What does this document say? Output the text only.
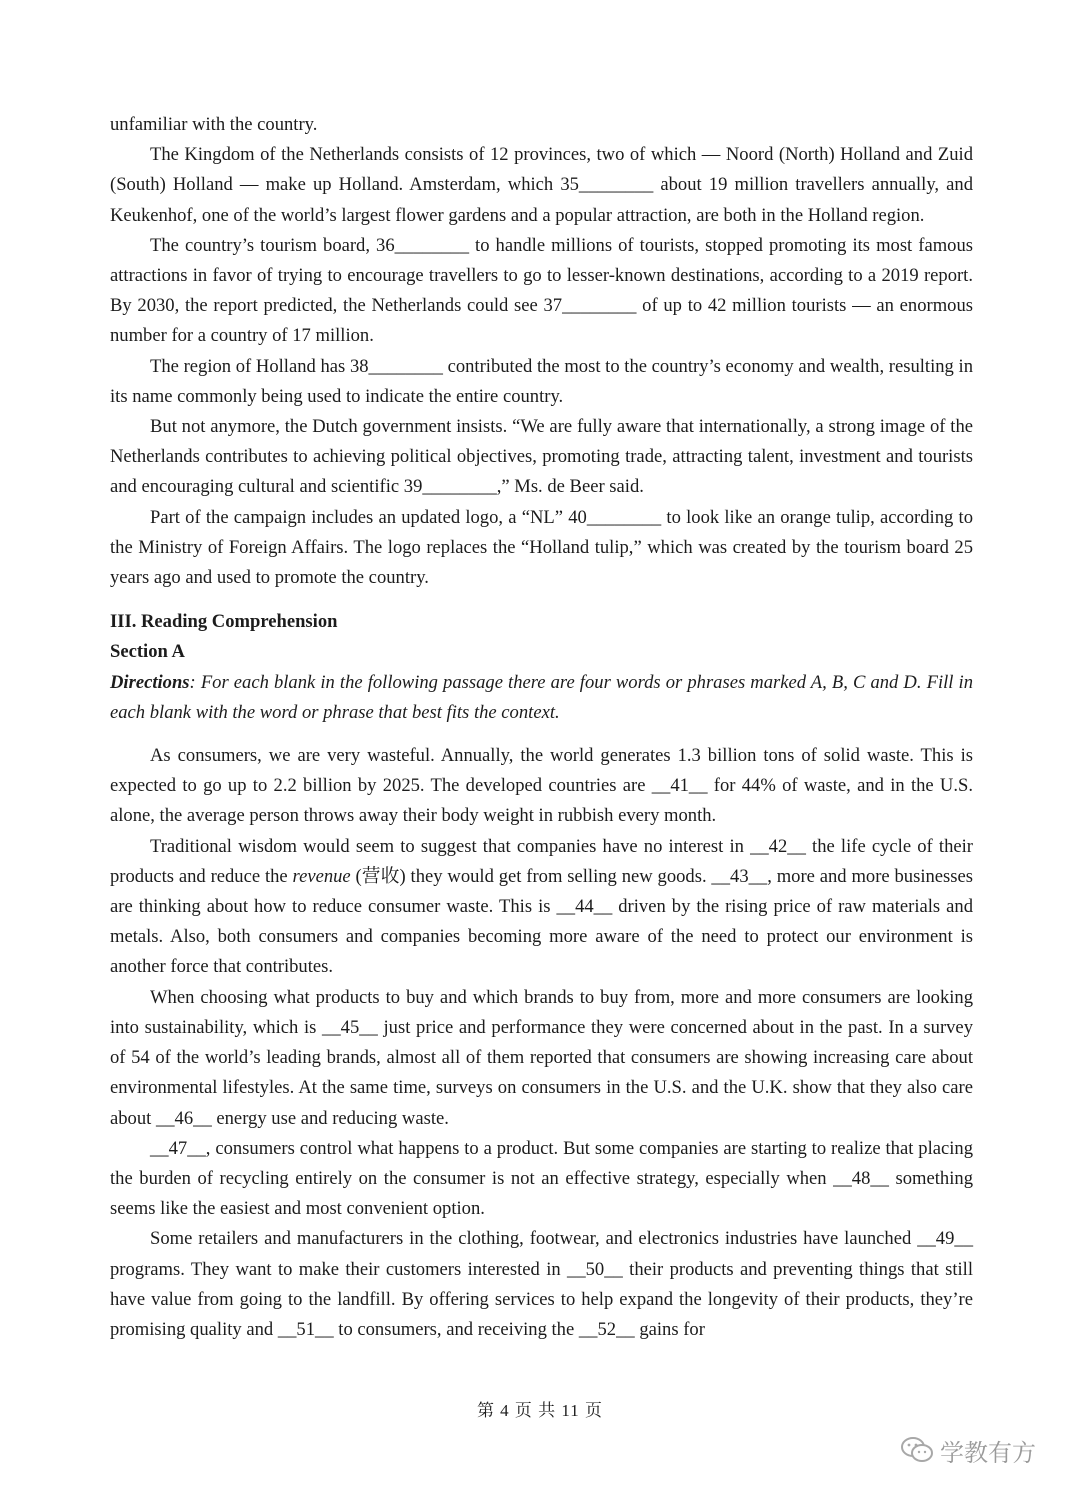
unfamiliar with the country.

The Kingdom of the Netherlands consists of 12 provinces, two of which — Noord (North) Holland and Zuid (South) Holland — make up Holland. Amsterdam, which 35________ about 19 million travellers annually, and Keukenhof, one of the world’s largest flower gardens and a popular attraction, are both in the Holland region.

The country’s tourism board, 36________ to handle millions of tourists, stopped promoting its most famous attractions in favor of trying to encourage travellers to go to lesser-known destinations, according to a 2019 report. By 2030, the report predicted, the Netherlands could see 37________ of up to 42 million tourists — an enormous number for a country of 17 million.

The region of Holland has 38________ contributed the most to the country’s economy and wealth, resulting in its name commonly being used to indicate the entire country.

But not anymore, the Dutch government insists. “We are fully aware that internationally, a strong image of the Netherlands contributes to achieving political objectives, promoting trade, attracting talent, investment and tourists and encouraging cultural and scientific 39________,” Ms. de Beer said.

Part of the campaign includes an updated logo, a “NL” 40________ to look like an orange tulip, according to the Ministry of Foreign Affairs. The logo replaces the “Holland tulip,” which was created by the tourism board 25 years ago and used to promote the country.

III. Reading Comprehension
Section A

Directions: For each blank in the following passage there are four words or phrases marked A, B, C and D. Fill in each blank with the word or phrase that best fits the context.

As consumers, we are very wasteful. Annually, the world generates 1.3 billion tons of solid waste. This is expected to go up to 2.2 billion by 2025. The developed countries are __41__ for 44% of waste, and in the U.S. alone, the average person throws away their body weight in rubbish every month.

Traditional wisdom would seem to suggest that companies have no interest in __42__ the life cycle of their products and reduce the revenue (营收) they would get from selling new goods. __43__, more and more businesses are thinking about how to reduce consumer waste. This is __44__ driven by the rising price of raw materials and metals. Also, both consumers and companies becoming more aware of the need to protect our environment is another force that contributes.

When choosing what products to buy and which brands to buy from, more and more consumers are looking into sustainability, which is __45__ just price and performance they were concerned about in the past. In a survey of 54 of the world’s leading brands, almost all of them reported that consumers are showing increasing care about environmental lifestyles. At the same time, surveys on consumers in the U.S. and the U.K. show that they also care about __46__ energy use and reducing waste.

__47__, consumers control what happens to a product. But some companies are starting to realize that placing the burden of recycling entirely on the consumer is not an effective strategy, especially when __48__ something seems like the easiest and most convenient option.

Some retailers and manufacturers in the clothing, footwear, and electronics industries have launched __49__ programs. They want to make their customers interested in __50__ their products and preventing things that still have value from going to the landfill. By offering services to help expand the longevity of their products, they’re promising quality and __51__ to consumers, and receiving the __52__ gains for

第 4 页 共 11 页
学教有方
